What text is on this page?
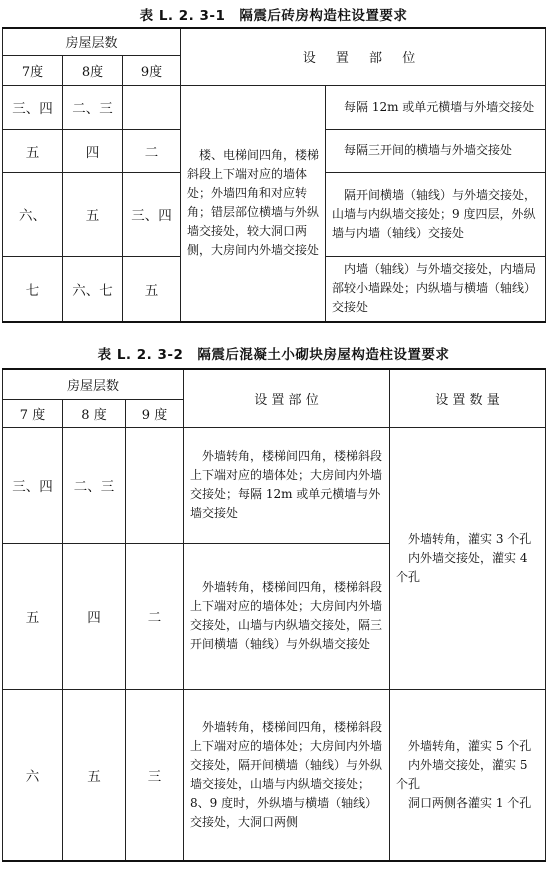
表 L. 2. 3-1　隔震后砖房构造柱设置要求
房屋层数			设 置 部 位	
7度	8度	9度		
三、四	二、三		楼、电梯间四角，楼梯斜段上下端对应的墙体处；外墙四角和对应转角；错层部位横墙与外纵墙交接处，较大洞口两侧，大房间内外墙交接处	每隔 12m 或单元横墙与外墙交接处
五	四	二		每隔三开间的横墙与外墙交接处
六、	五	三、四		隔开间横墙（轴线）与外墙交接处，山墙与内纵墙交接处；9 度四层，外纵墙与内墙（轴线）交接处
七	六、七	五		内墙（轴线）与外墙交接处，内墙局部较小墙跺处；内纵墙与横墙（轴线）交接处
表 L. 2. 3-2　隔震后混凝土小砌块房屋构造柱设置要求
房屋层数			设 置 部 位	设 置 数 量
7 度	8 度	9 度		
三、四	二、三		外墙转角，楼梯间四角，楼梯斜段上下端对应的墙体处；大房间内外墙交接处；每隔 12m 或单元横墙与外墙交接处	外墙转角，灌实 3 个孔
内外墙交接处，灌实 4 个孔

五	四	二	外墙转角，楼梯间四角，楼梯斜段上下端对应的墙体处；大房间内外墙交接处，山墙与内纵墙交接处，隔三开间横墙（轴线）与外纵墙交接处	
六	五	三	外墙转角，楼梯间四角，楼梯斜段上下端对应的墙体处；大房间内外墙交接处，隔开间横墙（轴线）与外纵墙交接处，山墙与内纵墙交接处；8、9 度时，外纵墙与横墙（轴线）交接处，大洞口两侧	外墙转角，灌实 5 个孔
内外墙交接处，灌实 5 个孔
洞口两侧各灌实 1 个孔
